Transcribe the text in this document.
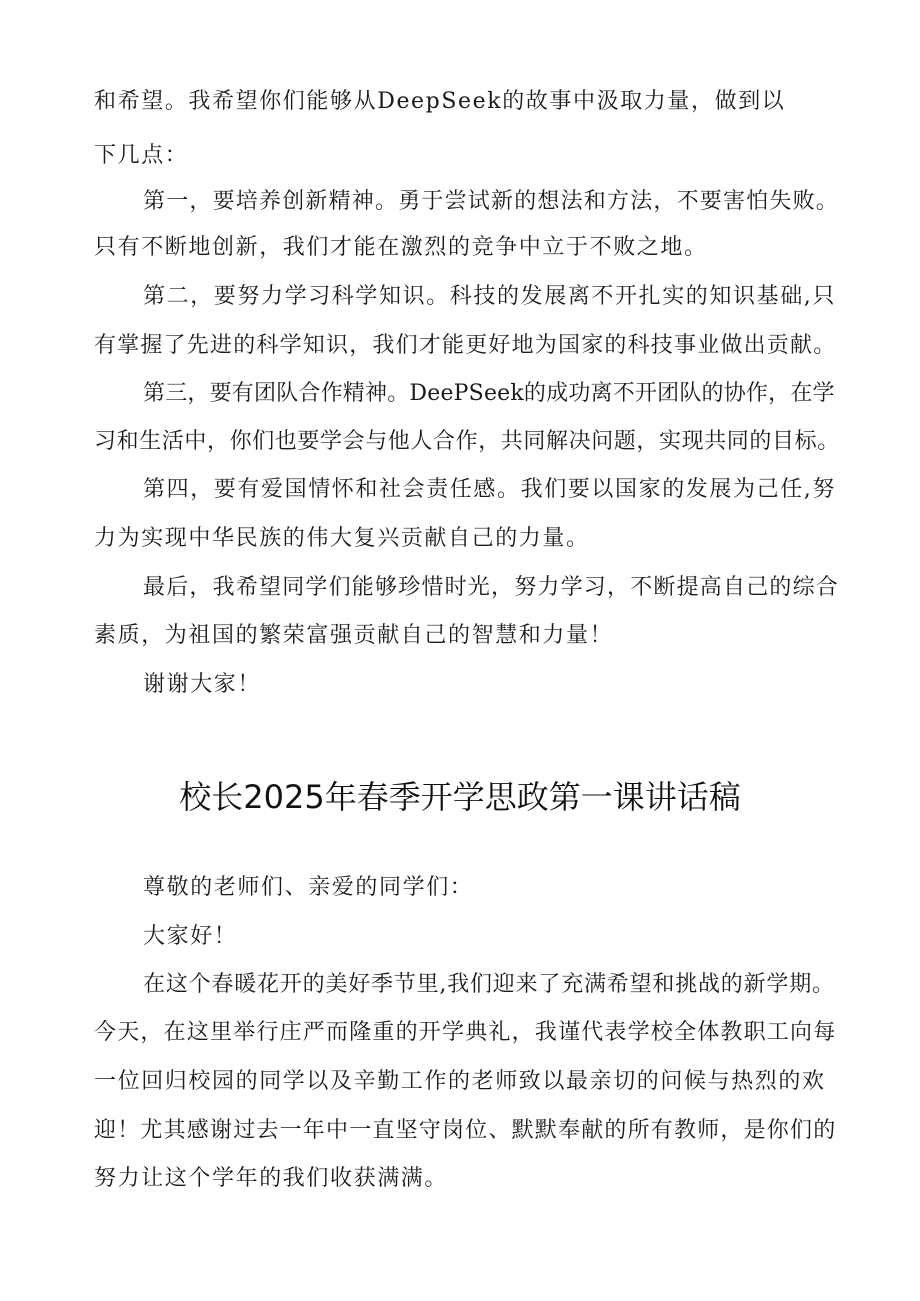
和希望。我希望你们能够从DeepSeek的故事中汲取力量，做到以
下几点：
第一，要培养创新精神。勇于尝试新的想法和方法，不要害怕失败。
只有不断地创新，我们才能在激烈的竞争中立于不败之地。
第二，要努力学习科学知识。科技的发展离不开扎实的知识基础,只
有掌握了先进的科学知识，我们才能更好地为国家的科技事业做出贡献。
第三，要有团队合作精神。DeePSeek的成功离不开团队的协作，在学
习和生活中，你们也要学会与他人合作，共同解决问题，实现共同的目标。
第四，要有爱国情怀和社会责任感。我们要以国家的发展为己任,努
力为实现中华民族的伟大复兴贡献自己的力量。
最后，我希望同学们能够珍惜时光，努力学习，不断提高自己的综合
素质，为祖国的繁荣富强贡献自己的智慧和力量！
谢谢大家！
校长2025年春季开学思政第一课讲话稿
尊敬的老师们、亲爱的同学们：
大家好！
在这个春暖花开的美好季节里,我们迎来了充满希望和挑战的新学期。
今天，在这里举行庄严而隆重的开学典礼，我谨代表学校全体教职工向每
一位回归校园的同学以及辛勤工作的老师致以最亲切的问候与热烈的欢
迎！尤其感谢过去一年中一直坚守岗位、默默奉献的所有教师，是你们的
努力让这个学年的我们收获满满。
